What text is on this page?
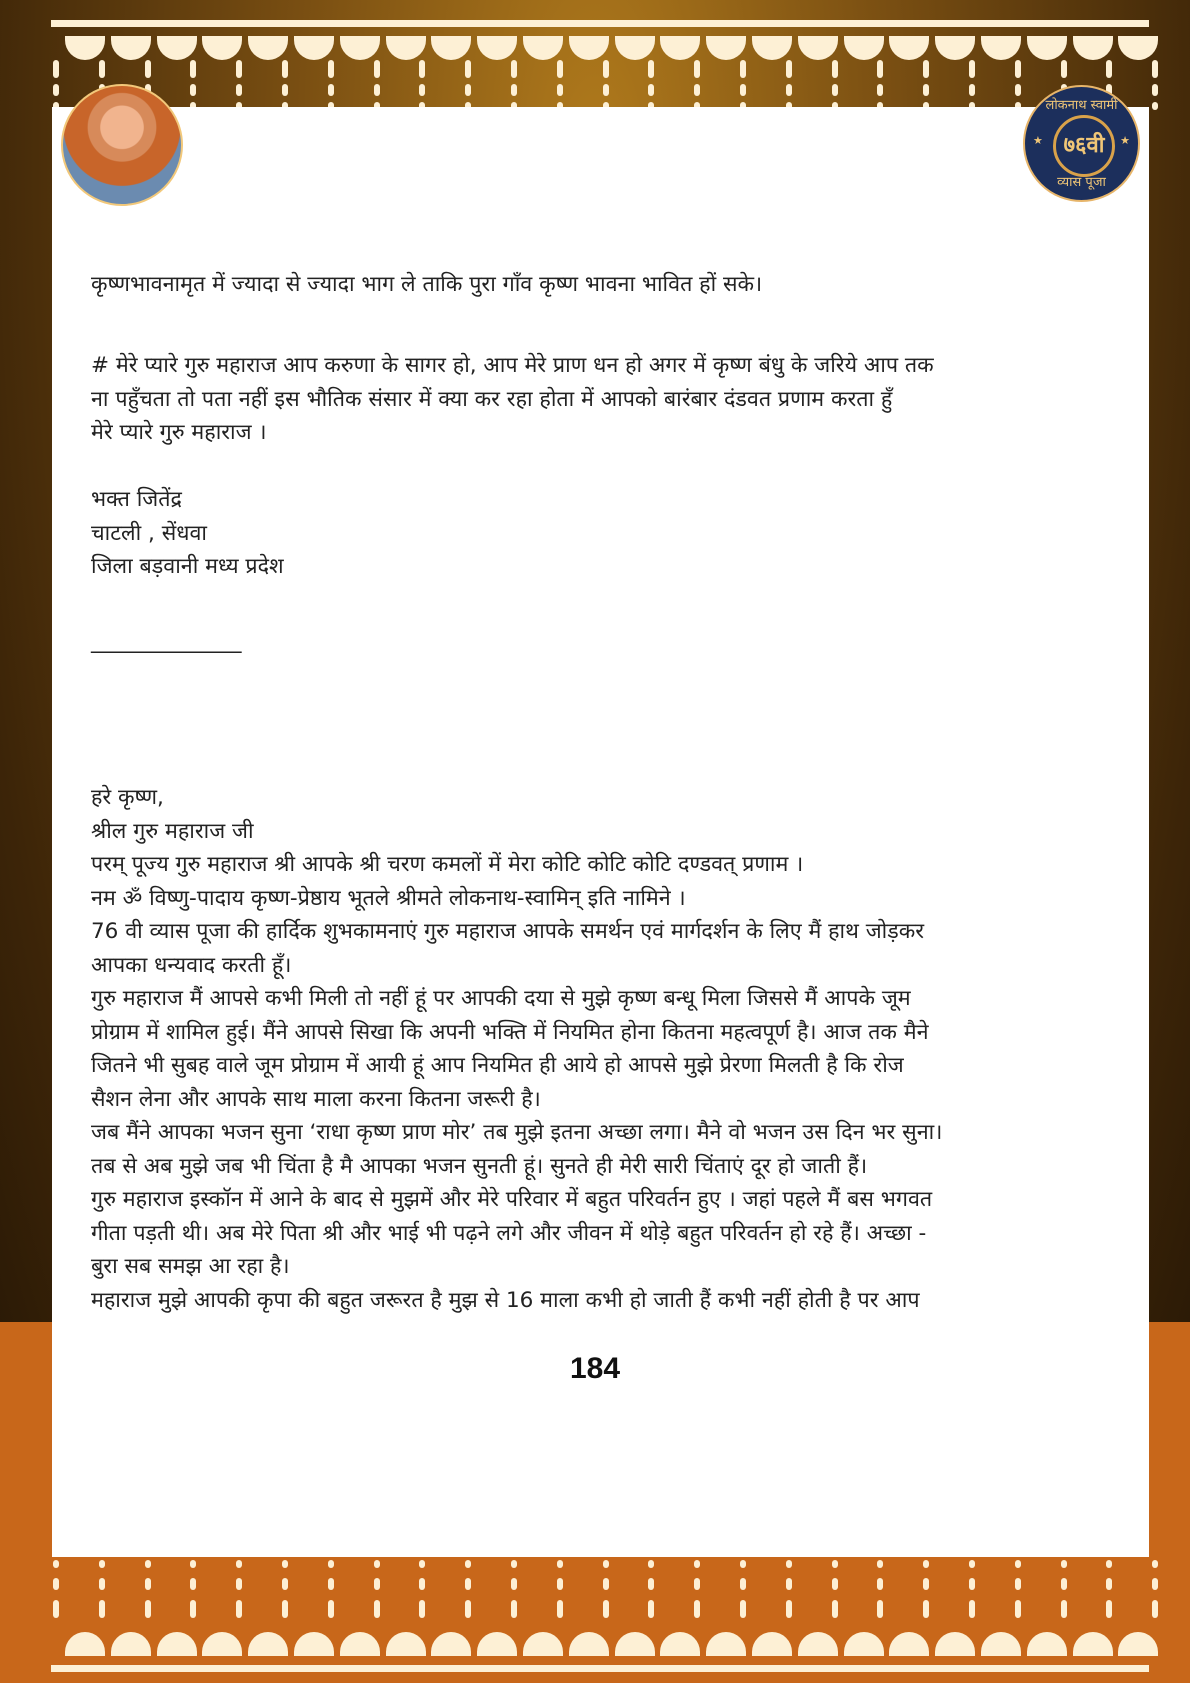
लोकनाथ स्वामी
★ ७६वी	★
व्यास पूजा
कृष्णभावनामृत में ज्यादा से ज्यादा भाग ले ताकि पुरा गाँव कृष्ण भावना भावित हों सके।
# मेरे प्यारे गुरु महाराज आप करुणा के सागर हो, आप मेरे प्राण धन हो अगर में कृष्ण बंधु के जरिये आप तक
ना पहुँचता तो पता नहीं इस भौतिक संसार में क्या कर रहा होता में आपको बारंबार दंडवत प्रणाम करता हुँ
मेरे प्यारे गुरु महाराज ।
भक्त जितेंद्र
चाटली , सेंधवा
जिला बड़वानी मध्य प्रदेश
______________
हरे कृष्ण,
श्रील गुरु महाराज जी
परम् पूज्य गुरु महाराज श्री आपके श्री चरण कमलों में मेरा कोटि कोटि कोटि दण्डवत् प्रणाम ।
नम ॐ विष्णु-पादाय कृष्ण-प्रेष्ठाय भूतले श्रीमते लोकनाथ-स्वामिन् इति नामिने ।
76 वी व्यास पूजा की हार्दिक शुभकामनाएं गुरु महाराज आपके समर्थन एवं मार्गदर्शन के लिए मैं हाथ जोड़कर
आपका धन्यवाद करती हूँ।
गुरु महाराज मैं आपसे कभी मिली तो नहीं हूं पर आपकी दया से मुझे कृष्ण बन्धू मिला जिससे मैं आपके जूम
प्रोग्राम में शामिल हुई। मैंने आपसे सिखा कि अपनी भक्ति में नियमित होना कितना महत्वपूर्ण है। आज तक मैने
जितने भी सुबह वाले जूम प्रोग्राम में आयी हूं आप नियमित ही आये हो आपसे मुझे प्रेरणा मिलती है कि रोज
सैशन लेना और आपके साथ माला करना कितना जरूरी है।
जब मैंने आपका भजन सुना ‘राधा कृष्ण प्राण मोर’ तब मुझे इतना अच्छा लगा। मैने वो भजन उस दिन भर सुना।
तब से अब मुझे जब भी चिंता है मै आपका भजन सुनती हूं। सुनते ही मेरी सारी चिंताएं दूर हो जाती हैं।
गुरु महाराज इस्कॉन में आने के बाद से मुझमें और मेरे परिवार में बहुत परिवर्तन हुए । जहां पहले मैं बस भगवत
गीता पड़ती थी। अब मेरे पिता श्री और भाई भी पढ़ने लगे और जीवन में थोड़े बहुत परिवर्तन हो रहे हैं। अच्छा -
बुरा सब समझ आ रहा है।
महाराज मुझे आपकी कृपा की बहुत जरूरत है मुझ से 16 माला कभी हो जाती हैं कभी नहीं होती है पर आप
184
